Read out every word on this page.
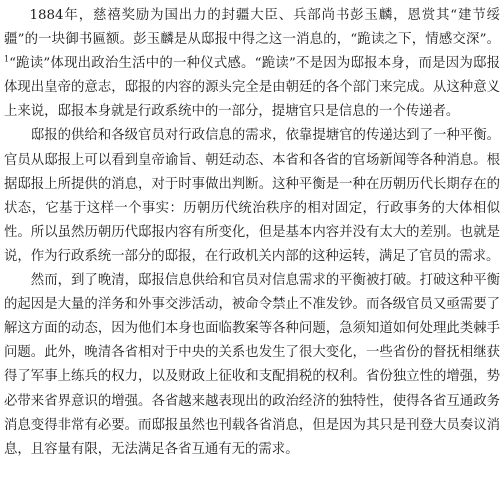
1884年，慈禧奖励为国出力的封疆大臣、兵部尚书彭玉麟，恩赏其“建节绥疆”的一块御书匾额。彭玉麟是从邸报中得之这一消息的，“跪读之下，情感交深”。$^1$“跪读”体现出政治生活中的一种仪式感。“跪读”不是因为邸报本身，而是因为邸报体现出皇帝的意志，邸报的内容的源头完全是由朝廷的各个部门来完成。从这种意义上来说，邸报本身就是行政系统中的一部分，提塘官只是信息的一个传递者。

邸报的供给和各级官员对行政信息的需求，依靠提塘官的传递达到了一种平衡。官员从邸报上可以看到皇帝谕旨、朝廷动态、本省和各省的官场新闻等各种消息。根据邸报上所提供的消息，对于时事做出判断。这种平衡是一种在历朝历代长期存在的状态，它基于这样一个事实：历朝历代统治秩序的相对固定，行政事务的大体相似性。所以虽然历朝历代邸报内容有所变化，但是基本内容并没有太大的差别。也就是说，作为行政系统一部分的邸报，在行政机关内部的这种运转，满足了官员的需求。

然而，到了晚清，邸报信息供给和官员对信息需求的平衡被打破。打破这种平衡的起因是大量的洋务和外事交涉活动，被命令禁止不准发钞。而各级官员又亟需要了解这方面的动态，因为他们本身也面临教案等各种问题，急须知道如何处理此类棘手问题。此外，晚清各省相对于中央的关系也发生了很大变化，一些省份的督抚相继获得了军事上练兵的权力，以及财政上征收和支配捐税的权利。省份独立性的增强，势必带来省界意识的增强。各省越来越表现出的政治经济的独特性，使得各省互通政务消息变得非常有必要。而邸报虽然也刊载各省消息，但是因为其只是刊登大员奏议消息，且容量有限，无法满足各省互通有无的需求。
